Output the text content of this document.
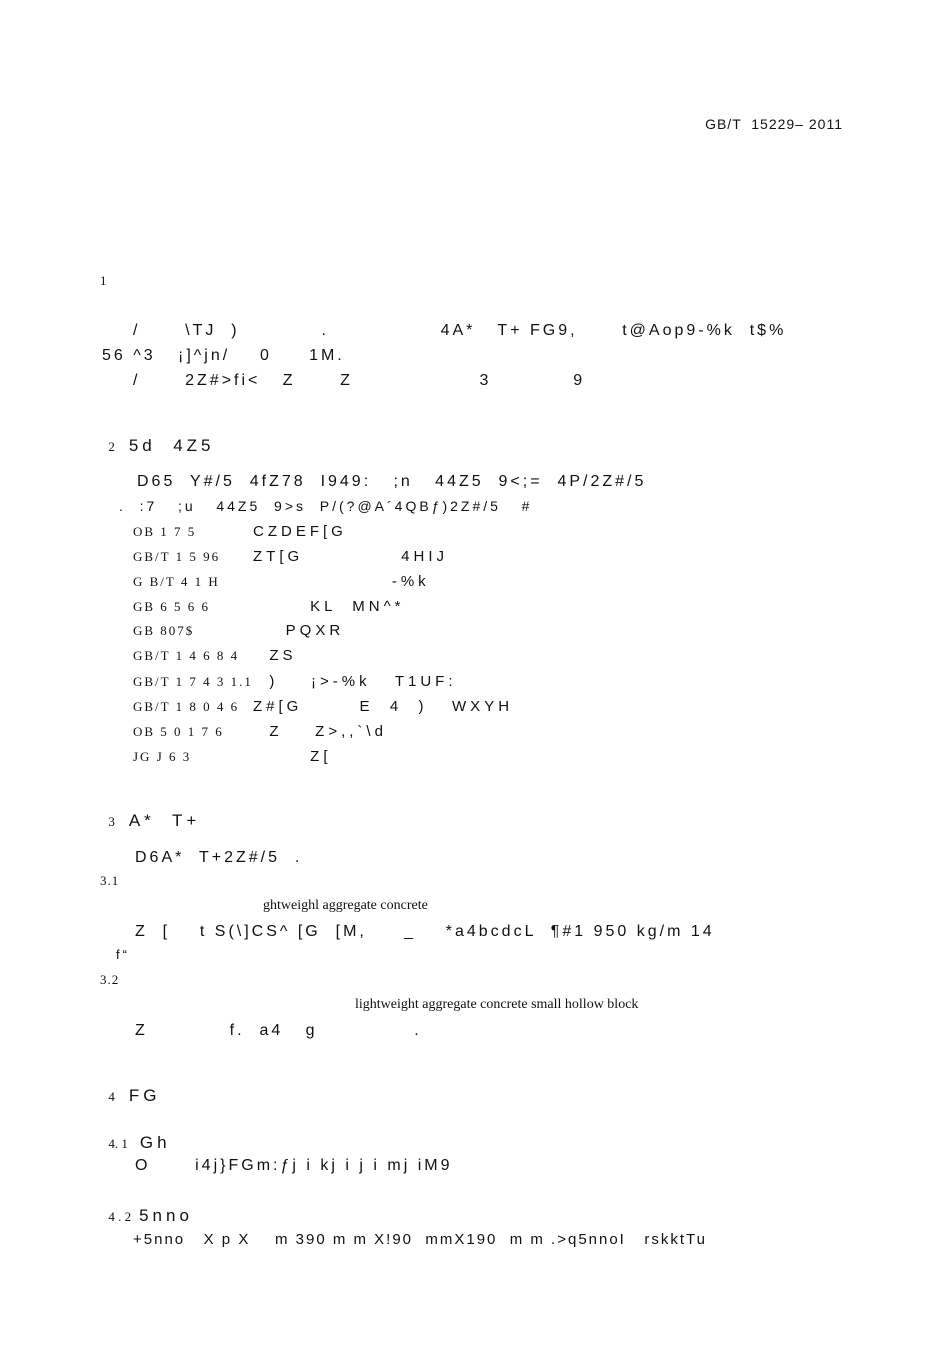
GB/T  15229– 2011
1
/      \TJ  )           .               4A*   T+ FG9,      t@Aop9-%k  t$%
56 ^3   ¡]^jn/    0     1M.
/      2Z#>fi<   Z      Z                 3           9

2 5d  4Z5

D65  Y#/5  4fZ78  I949:   ;n   44Z5  9<;=  4P/2Z#/5
.  :7   ;u   44Z5  9>s  P/(?@A´4QBƒ)2Z#/5   #
OB 1 7 5	CZDEF[G
GB/T 1 5 96 ZT[G            4HIJ
G B/T 4 1 H                 -%k
GB 6 5 6 6	KL  MN^*
GB 807$	PQXR
GB/T 1 4 6 8 4  ZS
GB/T 1 7 4 3 1.1  )    ¡>-%k   T1UF:
GB/T 1 8 0 4 6 Z#[G       E  4  )   WXYH
OB 5 0 1 7 6  Z    Z>,,`\d
JG J 6 3	Z[

3 A*  T+

D6A*  T+2Z#/5  .
3.1
ghtweighl aggregate concrete
Z  [    t S(\]CS^ [G  [M,     _    *a4bcdcL  ¶#1 950 kg/m 14
f“
3.2
lightweight aggregate concrete small hollow block
Z           f.  a4   g             .

4 FG

4. 1 Gh

O      i4j}FGm:ƒj i kj i j i mj iM9

4 . 2 5nno

+5nno   X p X    m 390 m m X!90  mmX190  m m .>q5nnoI   rskktTu
